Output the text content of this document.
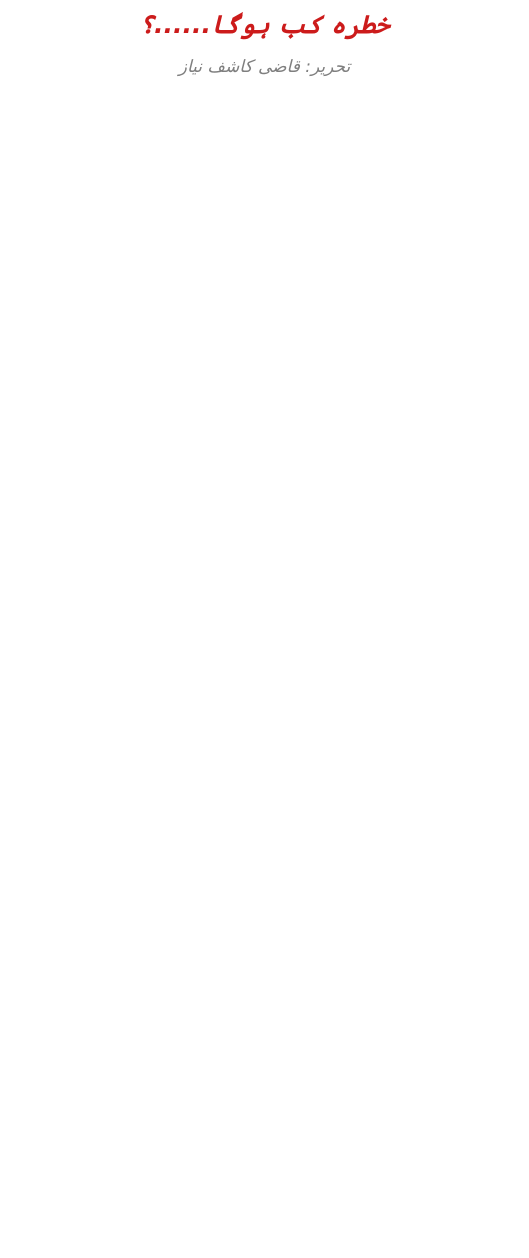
خطرہ کب ہوگا......؟
تحریر: قاضی کاشف نیاز
